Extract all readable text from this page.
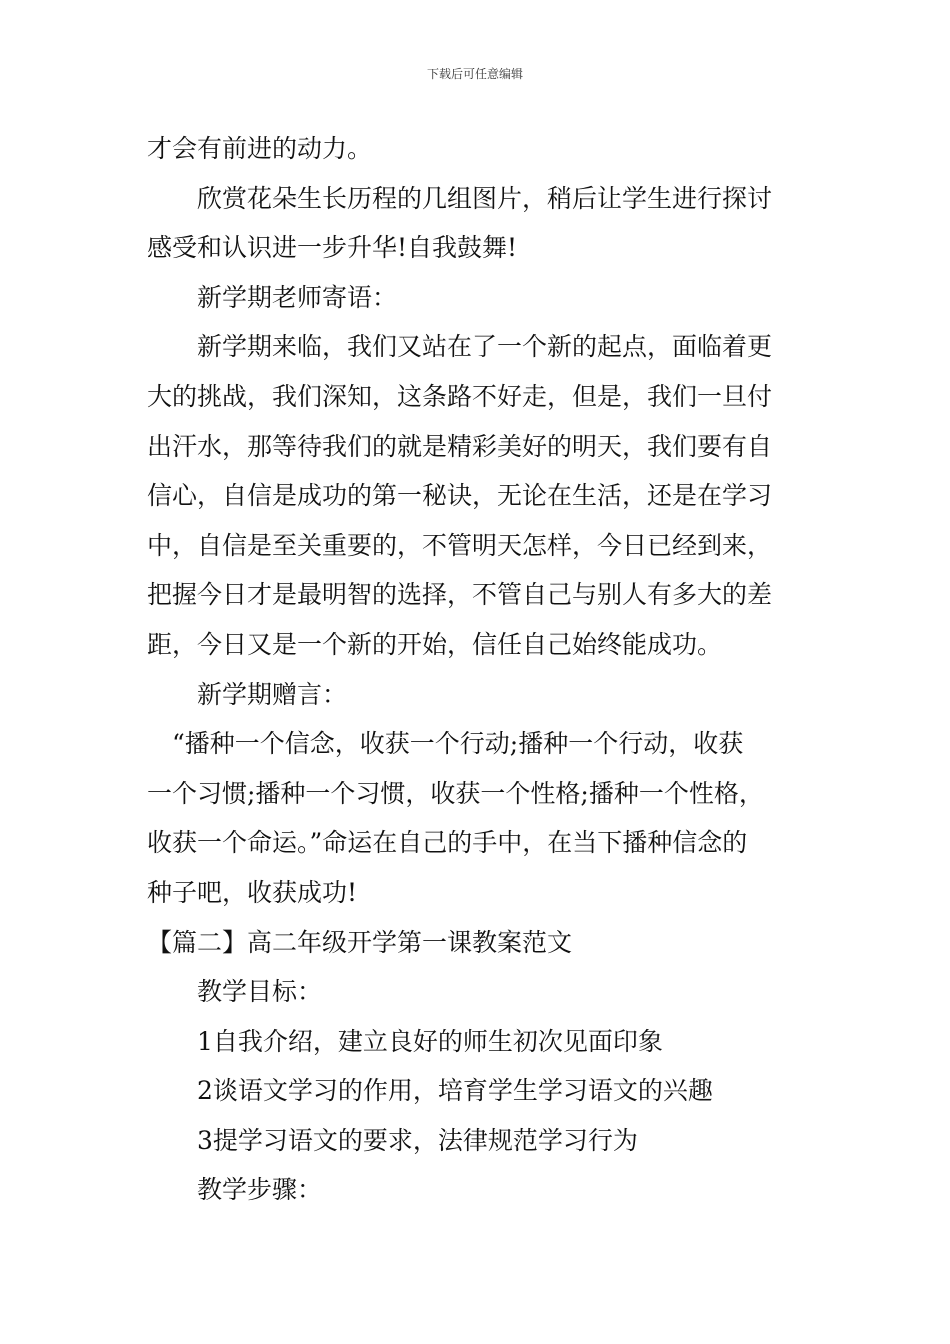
下载后可任意编辑
才会有前进的动力。
欣赏花朵生长历程的几组图片，稍后让学生进行探讨
感受和认识进一步升华!自我鼓舞!
新学期老师寄语：
新学期来临，我们又站在了一个新的起点，面临着更
大的挑战，我们深知，这条路不好走，但是，我们一旦付
出汗水，那等待我们的就是精彩美好的明天，我们要有自
信心，自信是成功的第一秘诀，无论在生活，还是在学习
中，自信是至关重要的，不管明天怎样，今日已经到来，
把握今日才是最明智的选择，不管自己与别人有多大的差
距，今日又是一个新的开始，信任自己始终能成功。
新学期赠言：
“播种一个信念，收获一个行动;播种一个行动，收获
一个习惯;播种一个习惯，收获一个性格;播种一个性格，
收获一个命运。”命运在自己的手中，在当下播种信念的
种子吧，收获成功!
【篇二】高二年级开学第一课教案范文
教学目标：
1自我介绍，建立良好的师生初次见面印象
2谈语文学习的作用，培育学生学习语文的兴趣
3提学习语文的要求，法律规范学习行为
教学步骤：
